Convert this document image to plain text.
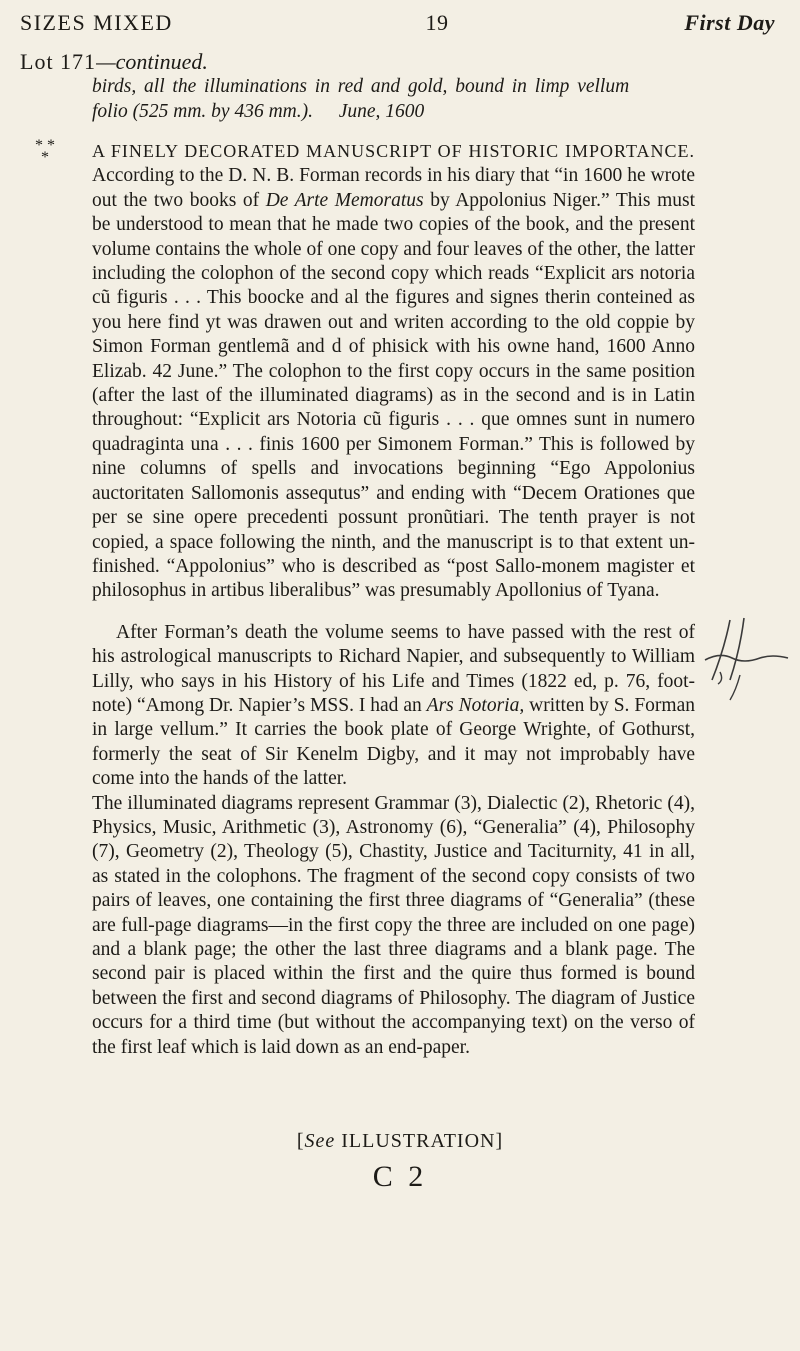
SIZES MIXED	19	First Day
Lot 171—continued.
birds, all the illuminations in red and gold, bound in limp vellum  folio (525 mm. by 436 mm.). June, 1600
* *
*	A FINELY DECORATED MANUSCRIPT OF HISTORIC IMPORTANCE. According to the D. N. B. Forman records in his diary that “in 1600 he wrote out the two books of De Arte Memoratus by Appolonius Niger.” This must be understood to mean that he made two copies of the book, and the present volume contains the whole of one copy and four leaves of the other, the latter including the colophon of the second copy which reads “Explicit ars notoria cũ figuris . . . This boocke and al the figures and signes therin conteined as you here find yt was drawen out and writen according to the old coppie by Simon Forman gentlemã and d of phisick with his owne hand, 1600 Anno Elizab. 42 June.” The colophon to the first copy occurs in the same position (after the last of the illuminated diagrams) as in the second and is in Latin throughout: “Explicit ars Notoria cũ figuris . . . que omnes sunt in numero quadraginta una . . . finis 1600 per Simonem Forman.” This is followed by nine columns of spells and invocations beginning “Ego Appolonius auctoritaten Sallomonis assequtus” and ending with “Decem Orationes que per se sine opere precedenti possunt pronũtiari. The tenth prayer is not copied, a space following the ninth, and the manuscript is to that extent un-finished. “Appolonius” who is described as “post Sallo-monem magister et philosophus in artibus liberalibus” was presumably Apollonius of Tyana.

After Forman’s death the volume seems to have passed with the rest of his astrological manuscripts to Richard Napier, and subsequently to William Lilly, who says in his History of his Life and Times (1822 ed, p. 76, foot-note) “Among Dr. Napier’s MSS. I had an Ars Notoria, written by S. Forman in large vellum.” It carries the book plate of George Wrighte, of Gothurst, formerly the seat of Sir Kenelm Digby, and it may not improbably have come into the hands of the latter.

The illuminated diagrams represent Grammar (3), Dialectic (2), Rhetoric (4), Physics, Music, Arithmetic (3), Astronomy (6), “Generalia” (4), Philosophy (7), Geometry (2), Theology (5), Chastity, Justice and Taciturnity, 41 in all, as stated in the colophons. The fragment of the second copy consists of two pairs of leaves, one containing the first three diagrams of “Generalia” (these are full-page diagrams—in the first copy the three are included on one page) and a blank page; the other the last three diagrams and a blank page. The second pair is placed within the first and the quire thus formed is bound between the first and second diagrams of Philosophy. The diagram of Justice occurs for a third time (but without the accompanying text) on the verso of the first leaf which is laid down as an end-paper.

[See ILLUSTRATION]
C 2
